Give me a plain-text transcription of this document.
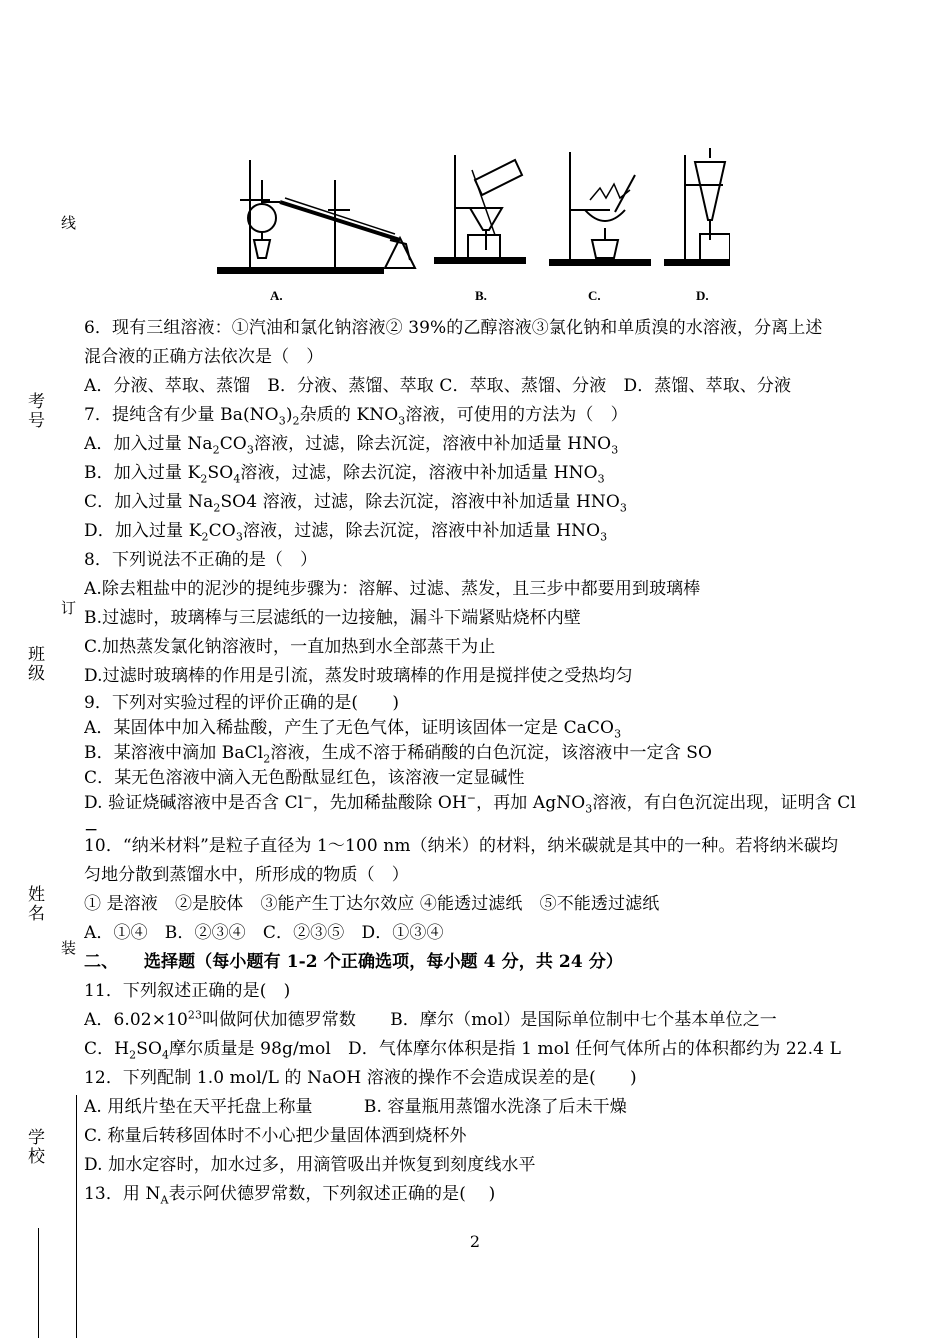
A.	B.	C.	D.
线
订
装
考号
班级
姓名
学校
6．现有三组溶液：①汽油和氯化钠溶液② 39%的乙醇溶液③氯化钠和单质溴的水溶液，分离上述
混合液的正确方法依次是（　）
A．分液、萃取、蒸馏　B．分液、蒸馏、萃取 C．萃取、蒸馏、分液　D．蒸馏、萃取、分液
7．提纯含有少量 $Ba(NO_3)_2$杂质的 $KNO_3$溶液，可使用的方法为（　）
A．加入过量 $Na_2CO_3$溶液，过滤，除去沉淀，溶液中补加适量 $HNO_3$
B．加入过量 $K_2SO_4$溶液，过滤，除去沉淀，溶液中补加适量 $HNO_3$
C．加入过量 $Na_2SO4$ 溶液，过滤，除去沉淀，溶液中补加适量 $HNO_3$
D．加入过量 $K_2CO_3$溶液，过滤，除去沉淀，溶液中补加适量 $HNO_3$
8．下列说法不正确的是（　）
A.除去粗盐中的泥沙的提纯步骤为：溶解、过滤、蒸发，且三步中都要用到玻璃棒
B.过滤时，玻璃棒与三层滤纸的一边接触，漏斗下端紧贴烧杯内壁
C.加热蒸发氯化钠溶液时，一直加热到水全部蒸干为止
D.过滤时玻璃棒的作用是引流，蒸发时玻璃棒的作用是搅拌使之受热均匀
9．下列对实验过程的评价正确的是(　　)
A．某固体中加入稀盐酸，产生了无色气体，证明该固体一定是 CaCO$_3$
B．某溶液中滴加 BaCl$_2$溶液，生成不溶于稀硝酸的白色沉淀，该溶液中一定含 SO
C．某无色溶液中滴入无色酚酞显红色，该溶液一定显碱性
D. 验证烧碱溶液中是否含 Cl−，先加稀盐酸除 OH−，再加 AgNO$_3$溶液，有白色沉淀出现，证明含 Cl
−
10．“纳米材料”是粒子直径为 1～100 nm（纳米）的材料，纳米碳就是其中的一种。若将纳米碳均
匀地分散到蒸馏水中，所形成的物质（　）
① 是溶液　②是胶体　③能产生丁达尔效应 ④能透过滤纸　⑤不能透过滤纸
A．①④　B．②③④　C．②③⑤　D．①③④
二、　　选择题（每小题有 1-2 个正确选项，每小题 4 分，共 24 分）
11．下列叙述正确的是(　)
A．$6.02\times 10^{23}$叫做阿伏加德罗常数　　B．摩尔（mol）是国际单位制中七个基本单位之一
C．$H_2SO_4$摩尔质量是 98g/mol　D．气体摩尔体积是指 1 mol 任何气体所占的体积都约为 22.4 L
12．下列配制 1.0 mol/L 的 NaOH 溶液的操作不会造成误差的是(　　)
A. 用纸片垫在天平托盘上称量　　　B. 容量瓶用蒸馏水洗涤了后未干燥
C. 称量后转移固体时不小心把少量固体洒到烧杯外
D. 加水定容时，加水过多，用滴管吸出并恢复到刻度线水平
13．用 $N_A$表示阿伏德罗常数，下列叙述正确的是(　 )
2
